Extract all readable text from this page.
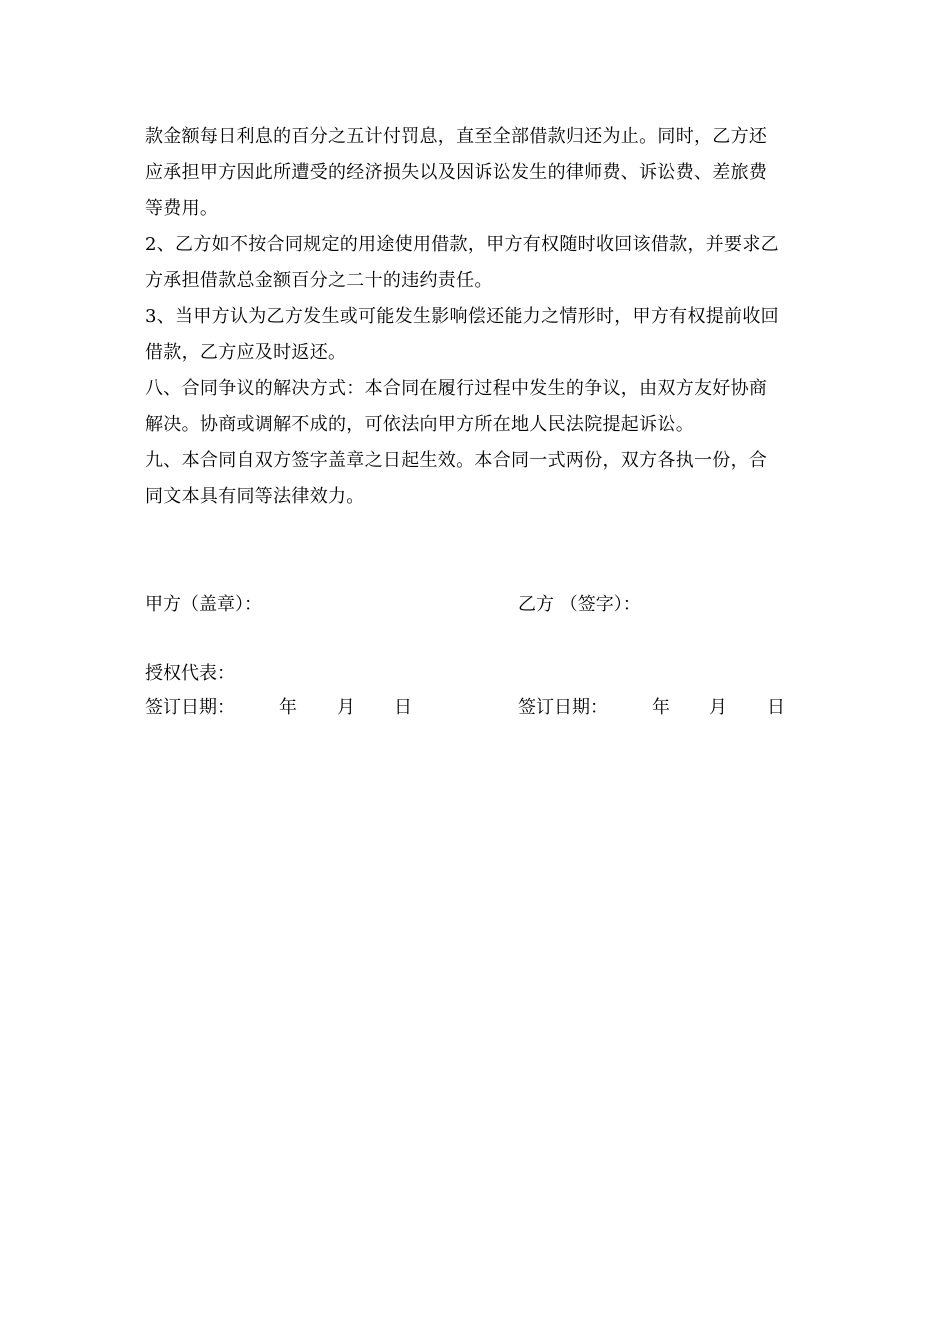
款金额每日利息的百分之五计付罚息，直至全部借款归还为止。同时，乙方还
应承担甲方因此所遭受的经济损失以及因诉讼发生的律师费、诉讼费、差旅费
等费用。
2、乙方如不按合同规定的用途使用借款，甲方有权随时收回该借款，并要求乙
方承担借款总金额百分之二十的违约责任。
3、当甲方认为乙方发生或可能发生影响偿还能力之情形时，甲方有权提前收回
借款，乙方应及时返还。
八、合同争议的解决方式：本合同在履行过程中发生的争议，由双方友好协商
解决。协商或调解不成的，可依法向甲方所在地人民法院提起诉讼。
九、本合同自双方签字盖章之日起生效。本合同一式两份，双方各执一份，合
同文本具有同等法律效力。
甲方（盖章）：	乙方 （签字）：
授权代表：
签订日期： 年 月 日	签订日期： 年 月 日
